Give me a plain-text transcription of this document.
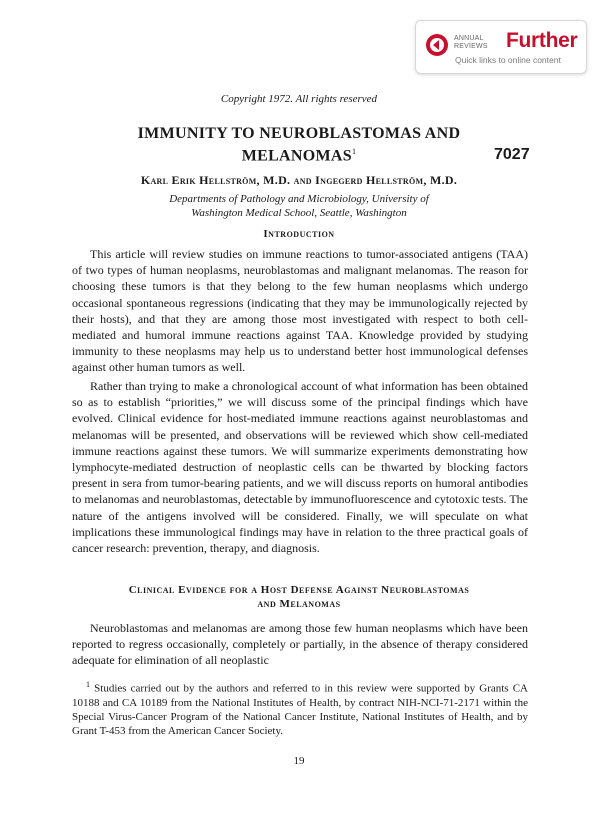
ANNUAL
REVIEWS Further
Quick links to online content
Copyright 1972. All rights reserved
IMMUNITY TO NEUROBLASTOMAS AND
MELANOMAS$^1$	7027
Karl Erik Hellström, M.D. and Ingegerd Hellström, M.D.
Departments of Pathology and Microbiology, University of
Washington Medical School, Seattle, Washington
Introduction

This article will review studies on immune reactions to tumor-associated antigens (TAA) of two types of human neoplasms, neuroblastomas and malignant melanomas. The reason for choosing these tumors is that they belong to the few human neoplasms which undergo occasional spontaneous regressions (indicating that they may be immunologically rejected by their hosts), and that they are among those most investigated with respect to both cell-mediated and humoral immune reactions against TAA. Knowledge provided by studying immunity to these neoplasms may help us to understand better host immunological defenses against other human tumors as well.

Rather than trying to make a chronological account of what information has been obtained so as to establish “priorities,” we will discuss some of the principal findings which have evolved. Clinical evidence for host-mediated immune reactions against neuroblastomas and melanomas will be presented, and observations will be reviewed which show cell-mediated immune reactions against these tumors. We will summarize experiments demonstrating how lymphocyte-mediated destruction of neoplastic cells can be thwarted by blocking factors present in sera from tumor-bearing patients, and we will discuss reports on humoral antibodies to melanomas and neuroblastomas, detectable by immunofluorescence and cytotoxic tests. The nature of the antigens involved will be considered. Finally, we will speculate on what implications these immunological findings may have in relation to the three practical goals of cancer research: prevention, therapy, and diagnosis.

Clinical Evidence for a Host Defense Against Neuroblastomas
and Melanomas

Neuroblastomas and melanomas are among those few human neoplasms which have been reported to regress occasionally, completely or partially, in the absence of therapy considered adequate for elimination of all neoplastic

$^1$ Studies carried out by the authors and referred to in this review were supported by Grants CA 10188 and CA 10189 from the National Institutes of Health, by contract NIH-NCI-71-2171 within the Special Virus-Cancer Program of the National Cancer Institute, National Institutes of Health, and by Grant T-453 from the American Cancer Society.

19
